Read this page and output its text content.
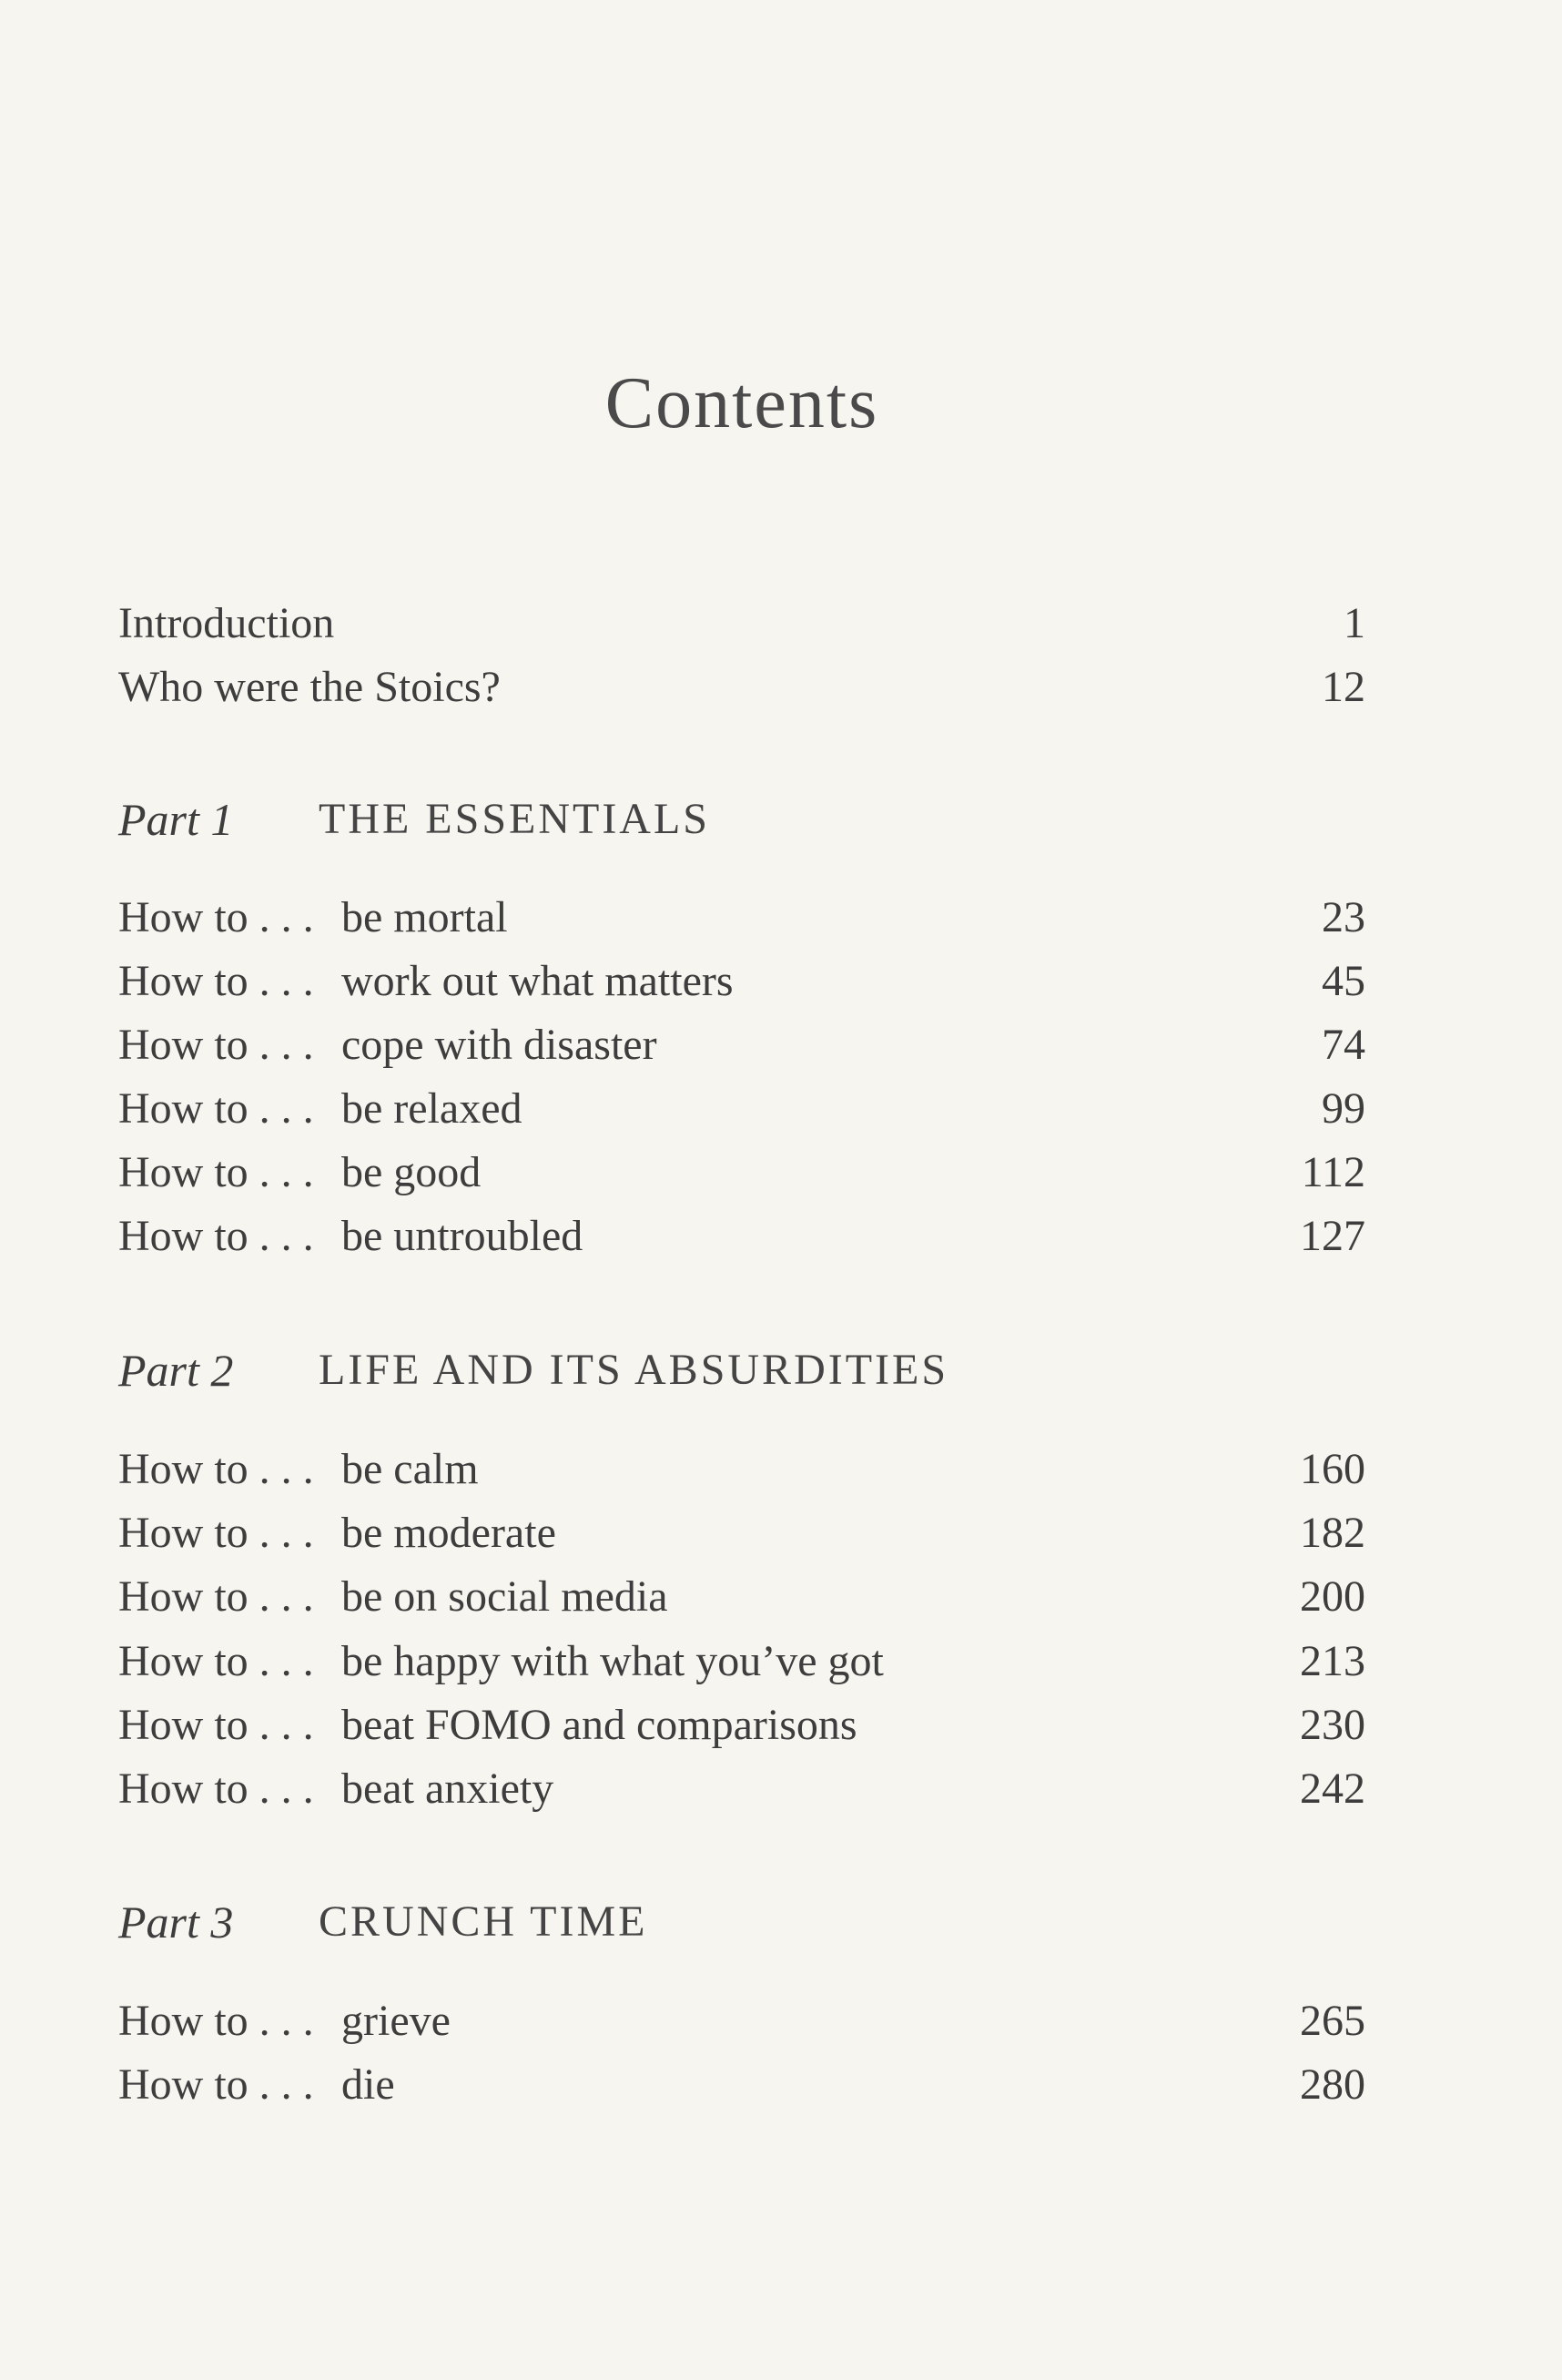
Contents
Introduction	1
Who were the Stoics?	12
Part 1 THE ESSENTIALS
How to . . . be mortal	23
How to . . . work out what matters	45
How to . . . cope with disaster	74
How to . . . be relaxed	99
How to . . . be good	112
How to . . . be untroubled	127
Part 2 LIFE AND ITS ABSURDITIES
How to . . . be calm	160
How to . . . be moderate	182
How to . . . be on social media	200
How to . . . be happy with what you’ve got	213
How to . . . beat FOMO and comparisons	230
How to . . . beat anxiety	242
Part 3 CRUNCH TIME
How to . . . grieve	265
How to . . . die	280
